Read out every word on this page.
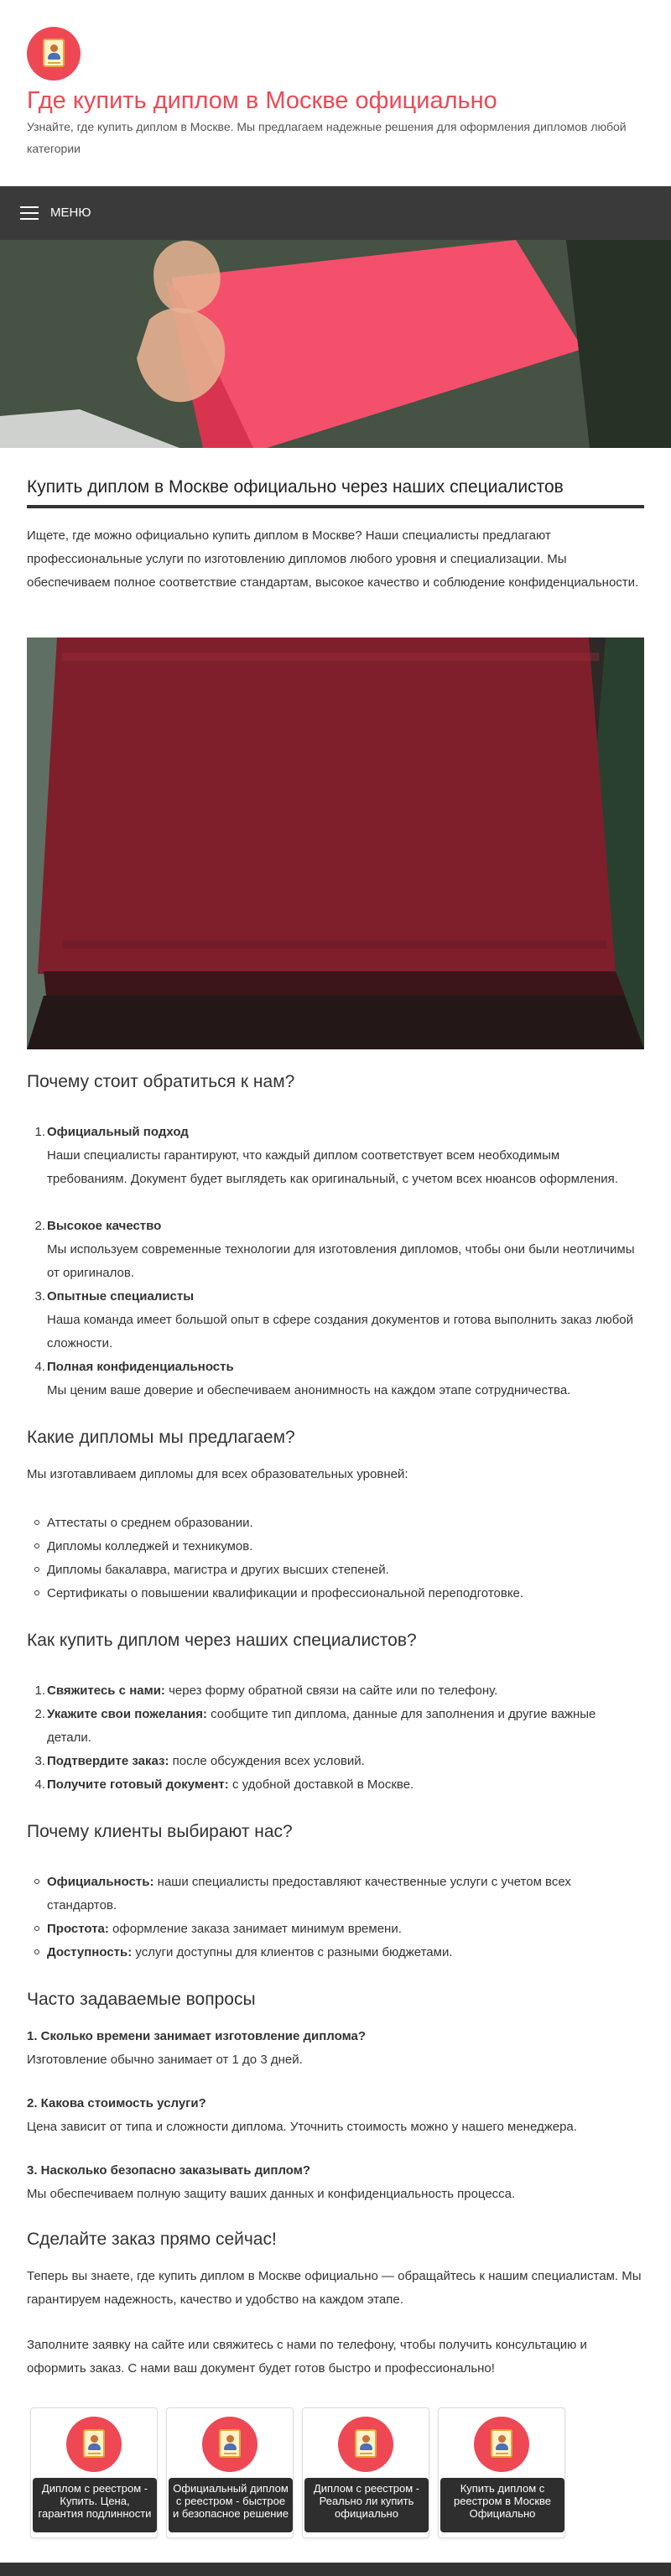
Где купить диплом в Москве официально

Узнайте, где купить диплом в Москве. Мы предлагаем надежные решения для оформления дипломов любой категории

МЕНЮ
Купить диплом в Москве официально через наших специалистов

Ищете, где можно официально купить диплом в Москве? Наши специалисты предлагают профессиональные услуги по изготовлению дипломов любого уровня и специализации. Мы обеспечиваем полное соответствие стандартам, высокое качество и соблюдение конфиденциальности.

Почему стоит обратиться к нам?
1. Официальный подход
Наши специалисты гарантируют, что каждый диплом соответствует всем необходимым требованиям. Документ будет выглядеть как оригинальный, с учетом всех нюансов оформления.
2. Высокое качество
Мы используем современные технологии для изготовления дипломов, чтобы они были неотличимы от оригиналов.
3. Опытные специалисты
Наша команда имеет большой опыт в сфере создания документов и готова выполнить заказ любой сложности.
4. Полная конфиденциальность
Мы ценим ваше доверие и обеспечиваем анонимность на каждом этапе сотрудничества.
Какие дипломы мы предлагаем?

Мы изготавливаем дипломы для всех образовательных уровней:

Аттестаты о среднем образовании.
Дипломы колледжей и техникумов.
Дипломы бакалавра, магистра и других высших степеней.
Сертификаты о повышении квалификации и профессиональной переподготовке.
Как купить диплом через наших специалистов?
1. Свяжитесь с нами: через форму обратной связи на сайте или по телефону.
2. Укажите свои пожелания: сообщите тип диплома, данные для заполнения и другие важные детали.
3. Подтвердите заказ: после обсуждения всех условий.
4. Получите готовый документ: с удобной доставкой в Москве.
Почему клиенты выбирают нас?
Официальность: наши специалисты предоставляют качественные услуги с учетом всех стандартов.
Простота: оформление заказа занимает минимум времени.
Доступность: услуги доступны для клиентов с разными бюджетами.
Часто задаваемые вопросы
1. Сколько времени занимает изготовление диплома?

Изготовление обычно занимает от 1 до 3 дней.

2. Какова стоимость услуги?

Цена зависит от типа и сложности диплома. Уточнить стоимость можно у нашего менеджера.

3. Насколько безопасно заказывать диплом?

Мы обеспечиваем полную защиту ваших данных и конфиденциальность процесса.

Сделайте заказ прямо сейчас!

Теперь вы знаете, где купить диплом в Москве официально — обращайтесь к нашим специалистам. Мы гарантируем надежность, качество и удобство на каждом этапе.

Заполните заявку на сайте или свяжитесь с нами по телефону, чтобы получить консультацию и оформить заказ. С нами ваш документ будет готов быстро и профессионально!

Диплом с реестром - Купить. Цена, гарантия подлинности
Официальный диплом с реестром - быстрое и безопасное решение
Диплом с реестром - Реально ли купить официально
Купить диплом с реестром в Москве Официально
